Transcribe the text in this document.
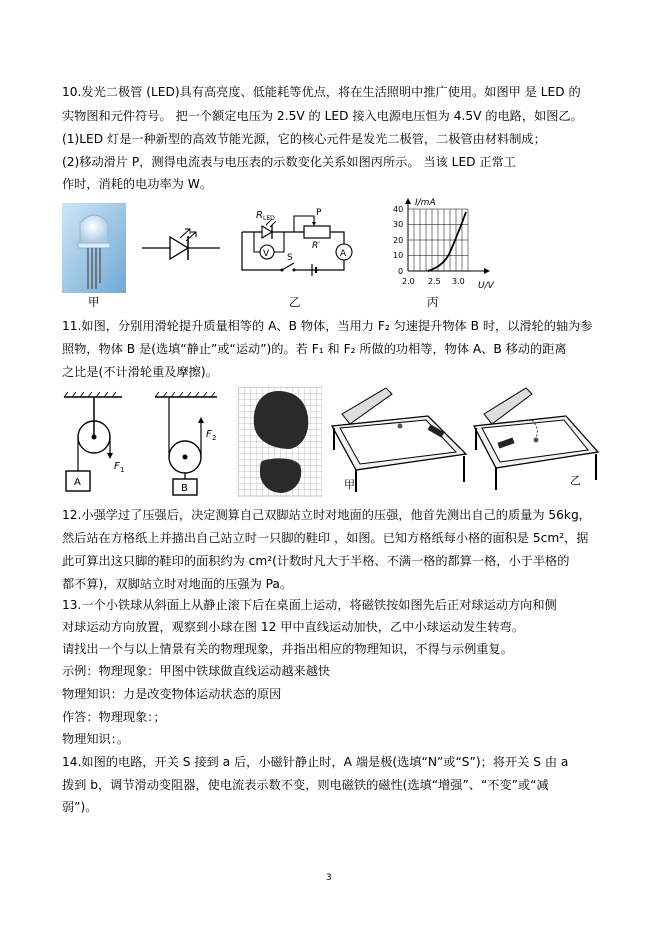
10.发光二极管 (LED)具有高亮度、低能耗等优点，将在生活照明中推广使用。如图甲 是 LED 的
实物图和元件符号。 把一个额定电压为 2.5V 的 LED 接入电源电压恒为 4.5V 的电路，如图乙。
(1)LED 灯是一种新型的高效节能光源，它的核心元件是发光二极管，二极管由材料制成；
(2)移动滑片 P，测得电流表与电压表的示数变化关系如图丙所示。 当该 LED 正常工
作时，消耗的电功率为 W。
甲
R LED
P
R′
S
V	A
乙
I/mA
U/V
40
30
20
10
0
2.0 2.5 3.0
丙
11.如图，分别用滑轮提升质量相等的 A、B 物体，当用力 F₂ 匀速提升物体 B 时，以滑轮的轴为参
照物，物体 B 是(选填“静止”或“运动”)的。若 F₁ 和 F₂ 所做的功相等，物体 A、B 移动的距离
之比是(不计滑轮重及摩擦)。
A
F 1
B
F 2
甲	乙
12.小强学过了压强后，决定测算自己双脚站立时对地面的压强，他首先测出自己的质量为 56kg，
然后站在方格纸上并描出自己站立时一只脚的鞋印 ，如图。已知方格纸每小格的面积是 5cm²，据
此可算出这只脚的鞋印的面积约为 cm²(计数时凡大于半格、不满一格的都算一格，小于半格的
都不算)，双脚站立时对地面的压强为 Pa。
13.一个小铁球从斜面上从静止滚下后在桌面上运动，将磁铁按如图先后正对球运动方向和侧
对球运动方向放置，观察到小球在图 12 甲中直线运动加快，乙中小球运动发生转弯。
请找出一个与以上情景有关的物理现象，并指出相应的物理知识，不得与示例重复。
示例：物理现象：甲图中铁球做直线运动越来越快
物理知识：力是改变物体运动状态的原因
作答：物理现象：；
物理知识：。
14.如图的电路，开关 S 接到 a 后，小磁针静止时，A 端是极(选填“N”或“S”)；将开关 S 由 a
拨到 b，调节滑动变阻器，使电流表示数不变，则电磁铁的磁性(选填“增强”、“不变”或“减
弱”)。
3
